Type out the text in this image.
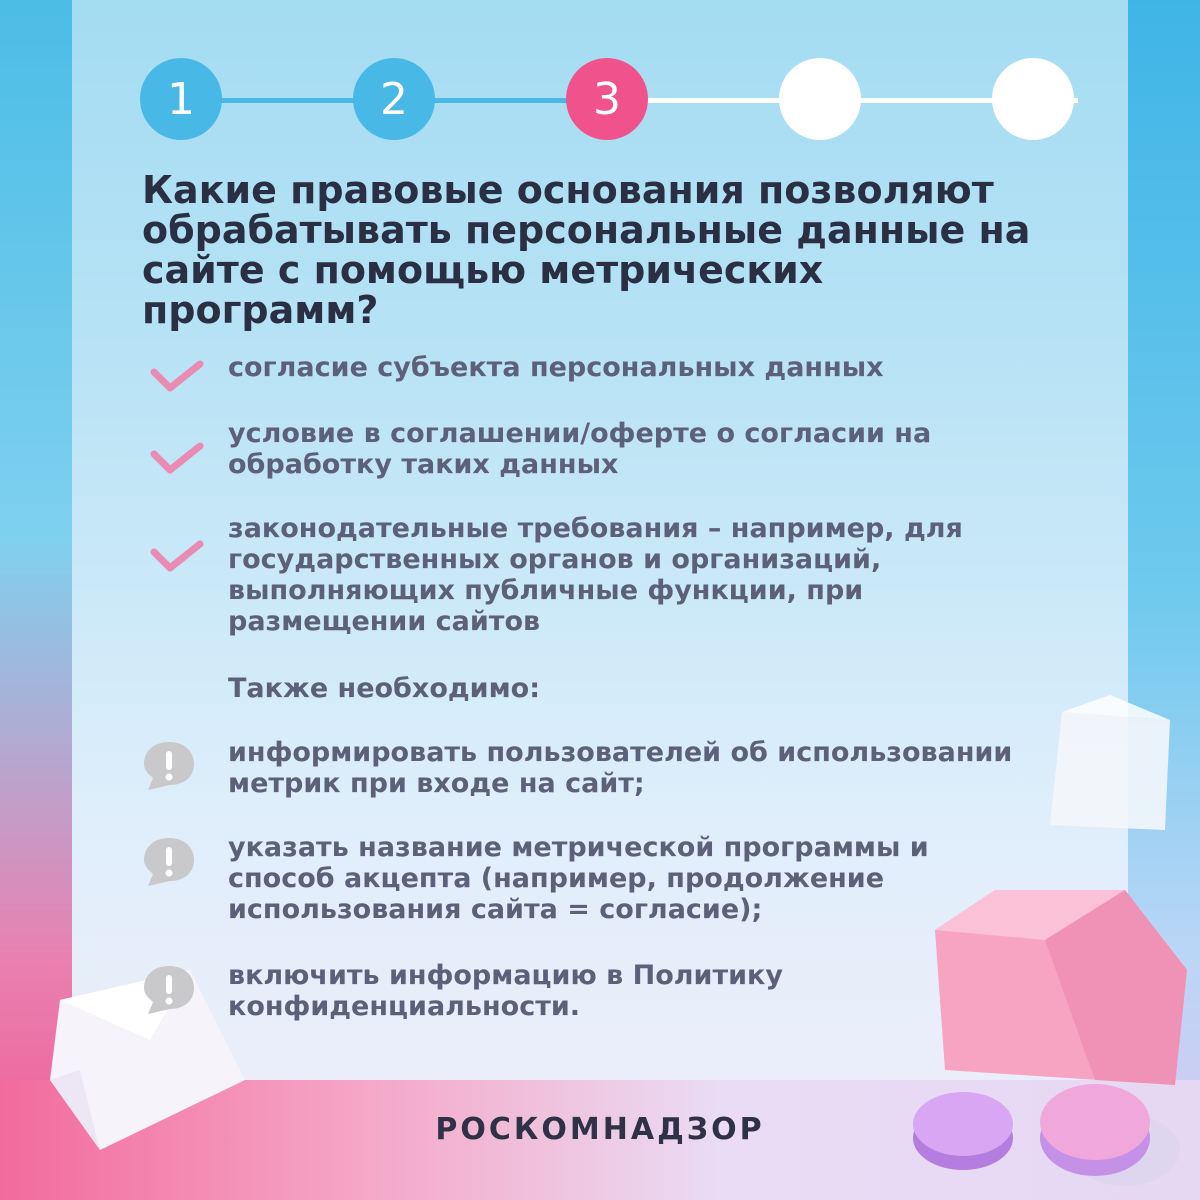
1	2	3
Какие правовые основания позволяют обрабатывать персональные данные на сайте с помощью метрических программ?
согласие субъекта персональных данных
условие в соглашении/оферте о согласии на обработку таких данных
законодательные требования – например, для государственных органов и организаций, выполняющих публичные функции, при размещении сайтов
Также необходимо:
информировать пользователей об использовании метрик при входе на сайт;
указать название метрической программы и способ акцепта (например, продолжение использования сайта = согласие);
включить информацию в Политику конфиденциальности.
РОСКОМНАДЗОР
